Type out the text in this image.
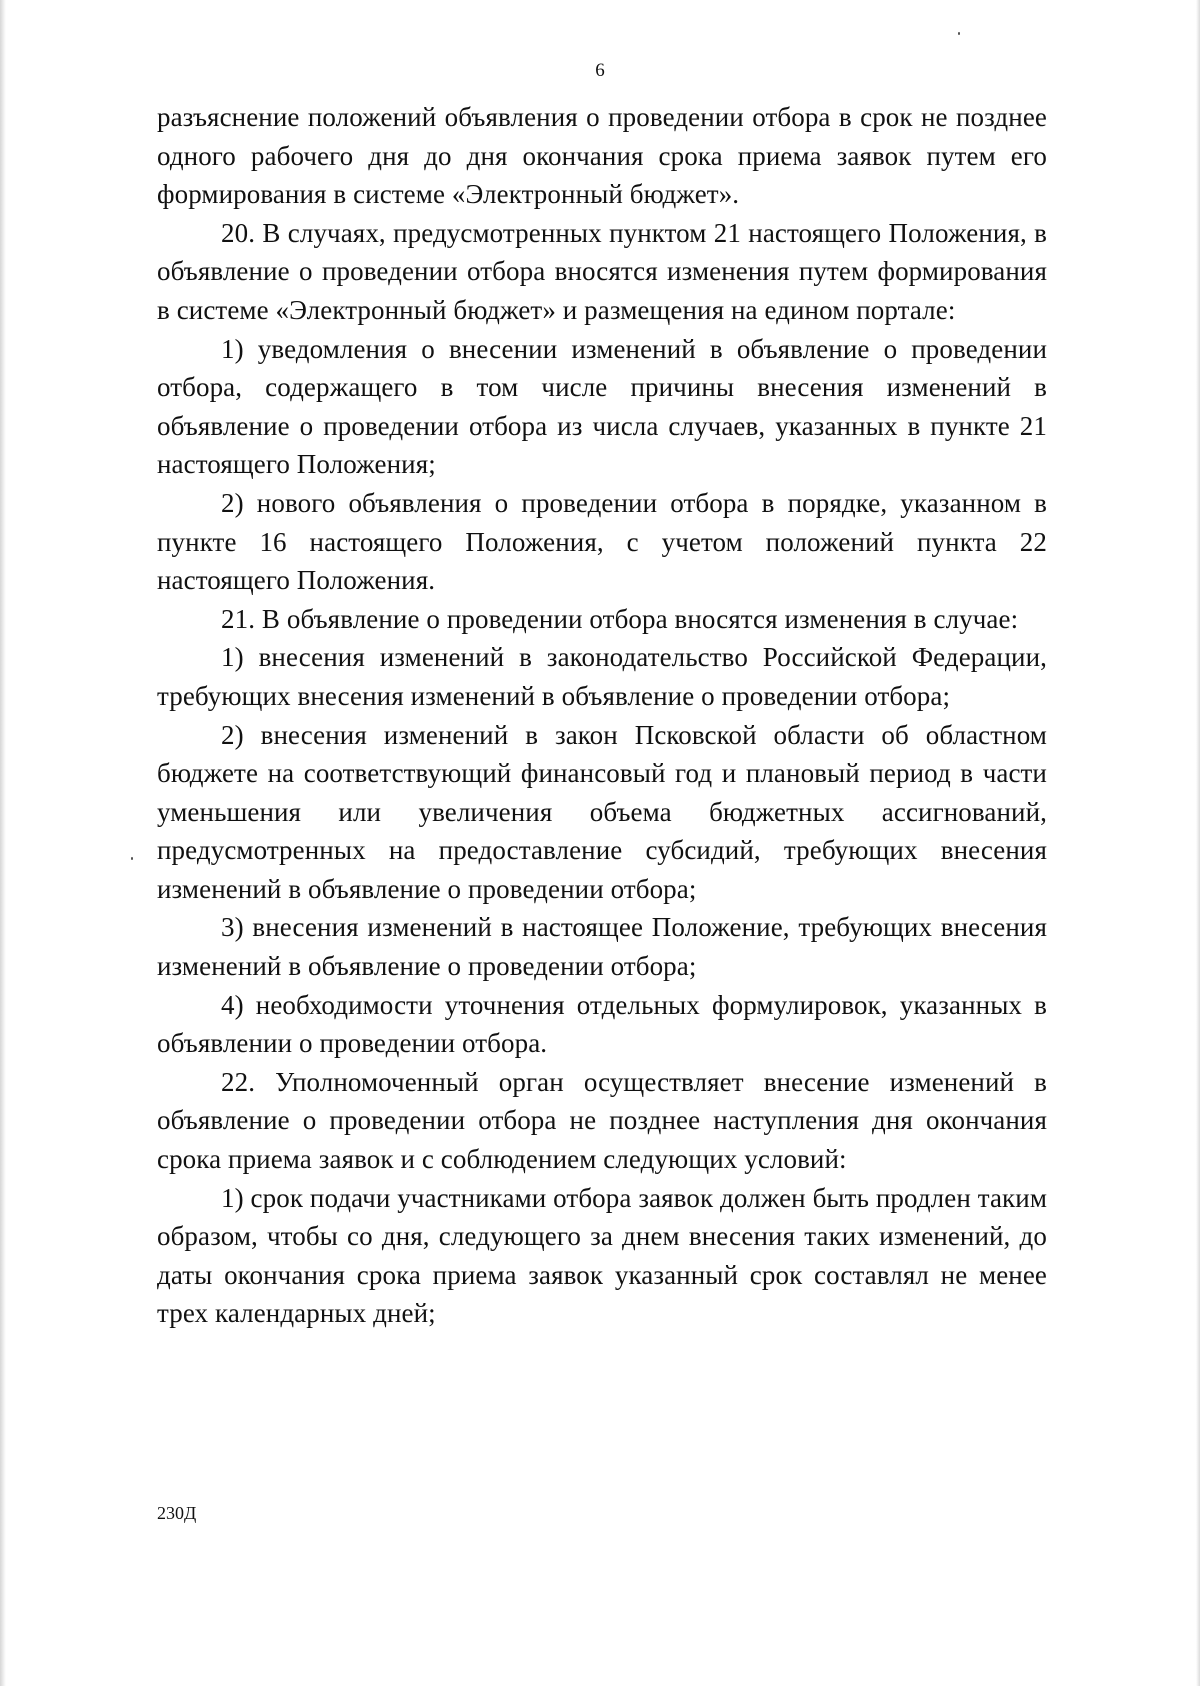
6

разъяснение положений объявления о проведении отбора в срок не позднее одного рабочего дня до дня окончания срока приема заявок путем его формирования в системе «Электронный бюджет».

20. В случаях, предусмотренных пунктом 21 настоящего Положения, в объявление о проведении отбора вносятся изменения путем формирования в системе «Электронный бюджет» и размещения на едином портале:

1) уведомления о внесении изменений в объявление о проведении отбора, содержащего в том числе причины внесения изменений в объявление о проведении отбора из числа случаев, указанных в пункте 21 настоящего Положения;

2) нового объявления о проведении отбора в порядке, указанном в пункте 16 настоящего Положения, с учетом положений пункта 22 настоящего Положения.

21. В объявление о проведении отбора вносятся изменения в случае:

1) внесения изменений в законодательство Российской Федерации, требующих внесения изменений в объявление о проведении отбора;

2) внесения изменений в закон Псковской области об областном бюджете на соответствующий финансовый год и плановый период в части уменьшения или увеличения объема бюджетных ассигнований, предусмотренных на предоставление субсидий, требующих внесения изменений в объявление о проведении отбора;

3) внесения изменений в настоящее Положение, требующих внесения изменений в объявление о проведении отбора;

4) необходимости уточнения отдельных формулировок, указанных в объявлении о проведении отбора.

22. Уполномоченный орган осуществляет внесение изменений в объявление о проведении отбора не позднее наступления дня окончания срока приема заявок и с соблюдением следующих условий:

1) срок подачи участниками отбора заявок должен быть продлен таким образом, чтобы со дня, следующего за днем внесения таких изменений, до даты окончания срока приема заявок указанный срок составлял не менее трех календарных дней;

230Д
